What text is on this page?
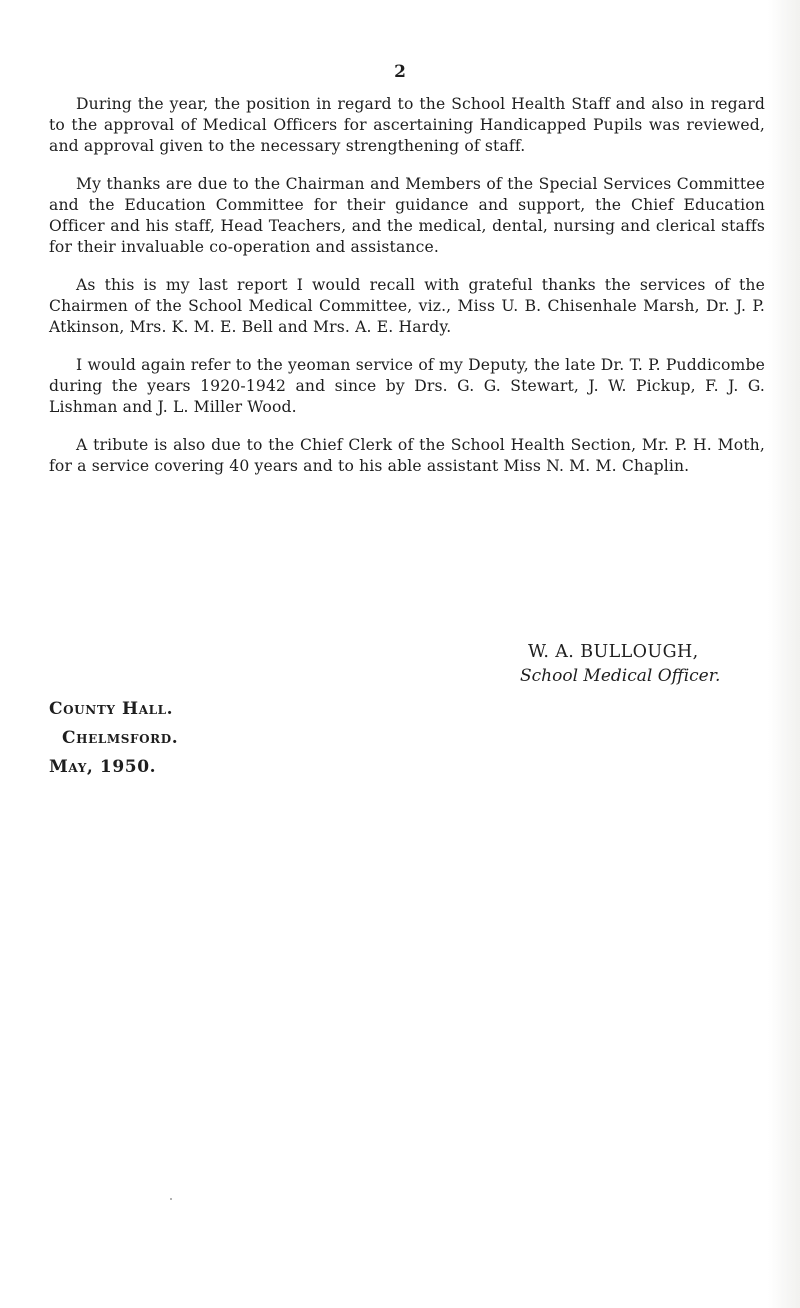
2

During the year, the position in regard to the School Health Staff and also in regard to the approval of Medical Officers for ascertaining Handicapped Pupils was reviewed, and approval given to the necessary strengthening of staff.

My thanks are due to the Chairman and Members of the Special Services Committee and the Education Committee for their guidance and support, the Chief Education Officer and his staff, Head Teachers, and the medical, dental, nursing and clerical staffs for their invaluable co-operation and assistance.

As this is my last report I would recall with grateful thanks the services of the Chairmen of the School Medical Committee, viz., Miss U. B. Chisenhale Marsh, Dr. J. P. Atkinson, Mrs. K. M. E. Bell and Mrs. A. E. Hardy.

I would again refer to the yeoman service of my Deputy, the late Dr. T. P. Puddicombe during the years 1920-1942 and since by Drs. G. G. Stewart, J. W. Pickup, F. J. G. Lishman and J. L. Miller Wood.

A tribute is also due to the Chief Clerk of the School Health Section, Mr. P. H. Moth, for a service covering 40 years and to his able assistant Miss N. M. M. Chaplin.

W. A. BULLOUGH,
School Medical Officer.
County Hall.
Chelmsford.
May, 1950.
